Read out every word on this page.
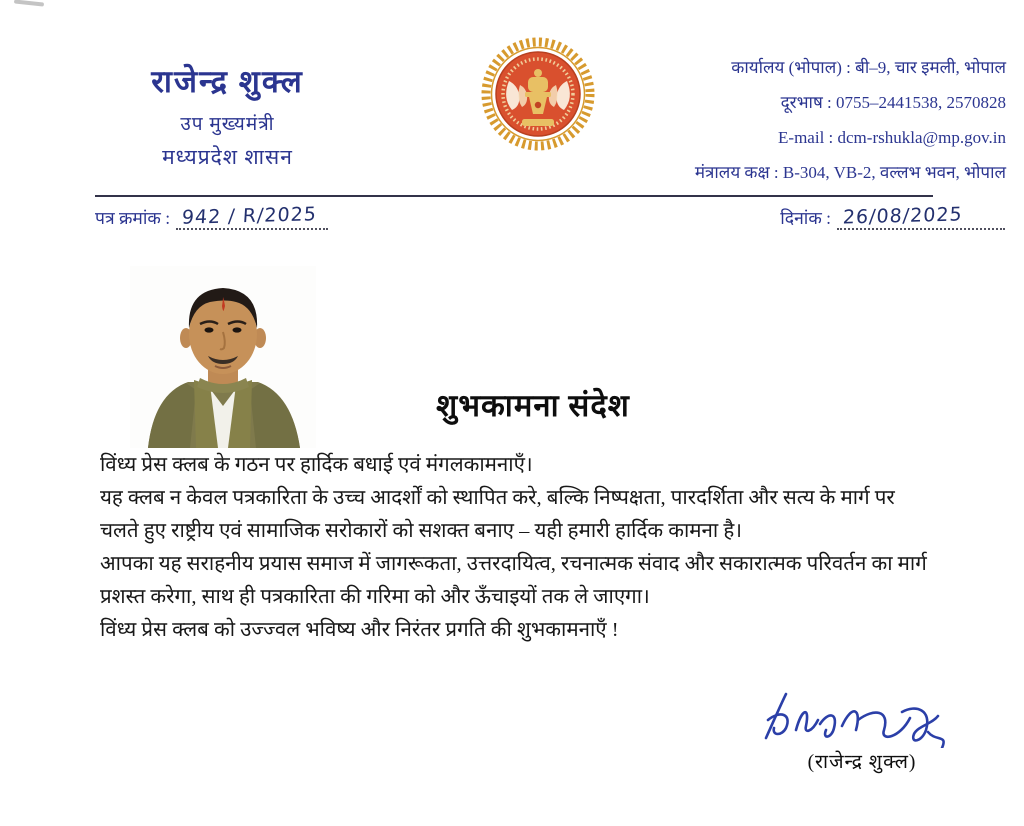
राजेन्द्र शुक्ल
उप मुख्यमंत्री
मध्यप्रदेश शासन
कार्यालय (भोपाल) : बी–9, चार इमली, भोपाल
दूरभाष : 0755–2441538, 2570828
E-mail : dcm-rshukla@mp.gov.in
मंत्रालय कक्ष : B-304, VB-2, वल्लभ भवन, भोपाल
पत्र क्रमांक : 942 / R/2025	दिनांक : 26/08/2025
शुभकामना संदेश

विंध्य प्रेस क्लब के गठन पर हार्दिक बधाई एवं मंगलकामनाएँ।

यह क्लब न केवल पत्रकारिता के उच्च आदर्शों को स्थापित करे, बल्कि निष्पक्षता, पारदर्शिता और सत्य के मार्ग पर चलते हुए राष्ट्रीय एवं सामाजिक सरोकारों को सशक्त बनाए – यही हमारी हार्दिक कामना है।

आपका यह सराहनीय प्रयास समाज में जागरूकता, उत्तरदायित्व, रचनात्मक संवाद और सकारात्मक परिवर्तन का मार्ग प्रशस्त करेगा, साथ ही पत्रकारिता की गरिमा को और ऊँचाइयों तक ले जाएगा।

विंध्य प्रेस क्लब को उज्ज्वल भविष्य और निरंतर प्रगति की शुभकामनाएँ !

(राजेन्द्र शुक्ल)
